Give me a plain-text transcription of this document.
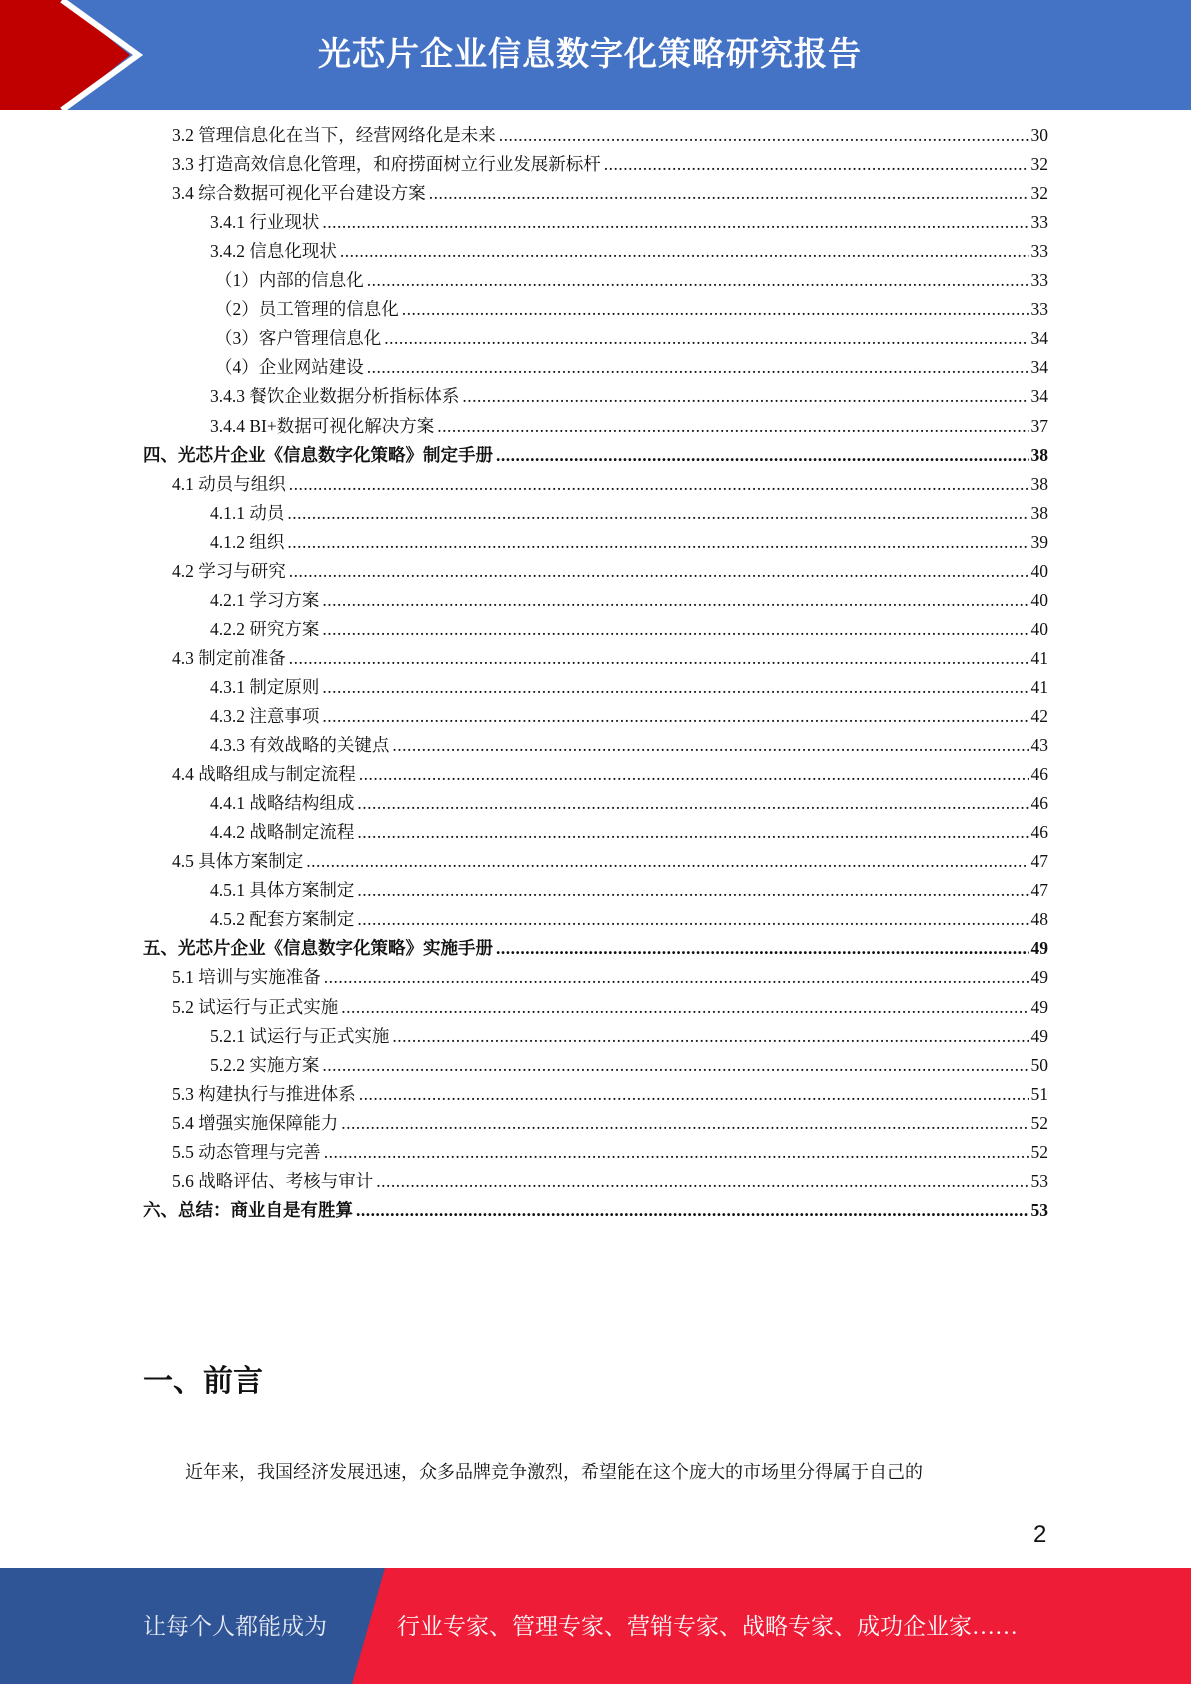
光芯片企业信息数字化策略研究报告
3.2 管理信息化在当下，经营网络化是未来 .....	30
3.3 打造高效信息化管理，和府捞面树立行业发展新标杆 .....	32
3.4 综合数据可视化平台建设方案 .....	32
3.4.1 行业现状 .....	33
3.4.2 信息化现状 .....	33
（1）内部的信息化 .....	33
（2）员工管理的信息化 .....	33
（3）客户管理信息化 .....	34
（4）企业网站建设 .....	34
3.4.3 餐饮企业数据分析指标体系 .....	34
3.4.4 BI+数据可视化解决方案 .....	37
四、光芯片企业《信息数字化策略》制定手册 .....	38
4.1 动员与组织 .....	38
4.1.1 动员 .....	38
4.1.2 组织 .....	39
4.2 学习与研究 .....	40
4.2.1 学习方案 .....	40
4.2.2 研究方案 .....	40
4.3 制定前准备 .....	41
4.3.1 制定原则 .....	41
4.3.2 注意事项 .....	42
4.3.3 有效战略的关键点 .....	43
4.4 战略组成与制定流程 .....	46
4.4.1 战略结构组成 .....	46
4.4.2 战略制定流程 .....	46
4.5 具体方案制定 .....	47
4.5.1 具体方案制定 .....	47
4.5.2 配套方案制定 .....	48
五、光芯片企业《信息数字化策略》实施手册 .....	49
5.1 培训与实施准备 .....	49
5.2 试运行与正式实施 .....	49
5.2.1 试运行与正式实施 .....	49
5.2.2 实施方案 .....	50
5.3 构建执行与推进体系 .....	51
5.4 增强实施保障能力 .....	52
5.5 动态管理与完善 .....	52
5.6 战略评估、考核与审计 .....	53
六、总结：商业自是有胜算 .....	53
一、前言
近年来，我国经济发展迅速，众多品牌竞争激烈，希望能在这个庞大的市场里分得属于自己的
2
让每个人都能成为	行业专家、管理专家、营销专家、战略专家、成功企业家……
